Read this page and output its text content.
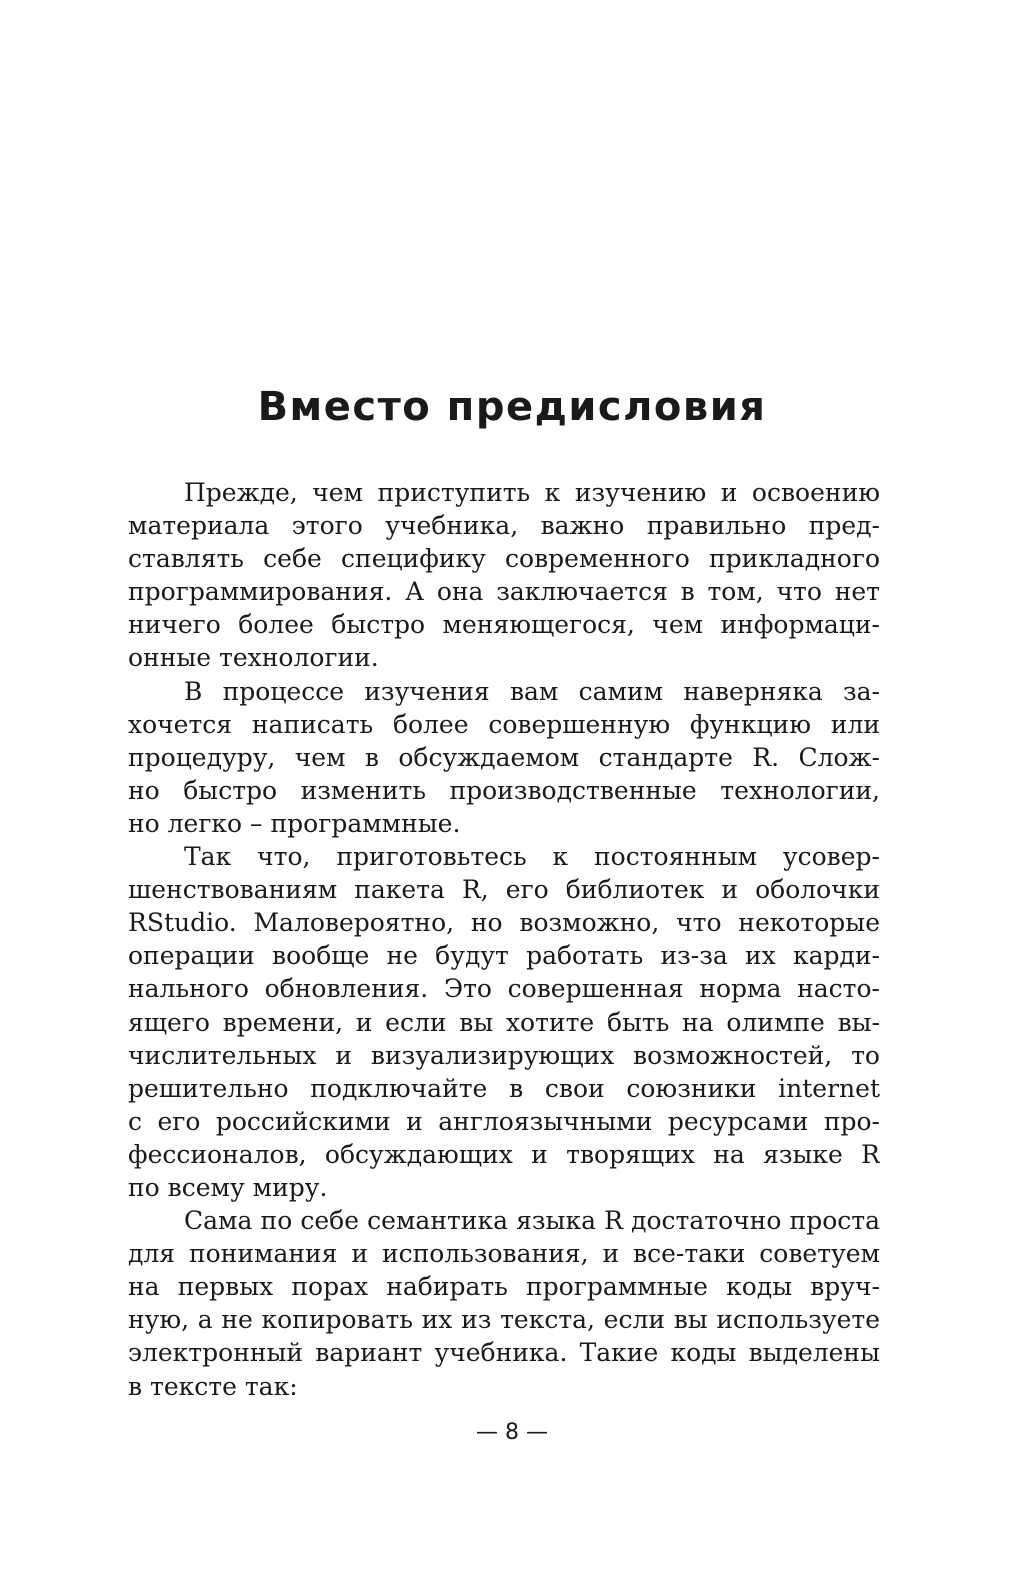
Вместо предисловия
Прежде, чем приступить к изучению и освоению
материала этого учебника, важно правильно пред-
ставлять себе специфику современного прикладного
программирования. А она заключается в том, что нет
ничего более быстро меняющегося, чем информаци-
онные технологии.
В процессе изучения вам самим наверняка за-
хочется написать более совершенную функцию или
процедуру, чем в обсуждаемом стандарте R. Слож-
но быстро изменить производственные технологии,
но легко – программные.
Так что, приготовьтесь к постоянным усовер-
шенствованиям пакета R, его библиотек и оболочки
RStudio. Маловероятно, но возможно, что некоторые
операции вообще не будут работать из-за их карди-
нального обновления. Это совершенная норма насто-
ящего времени, и если вы хотите быть на олимпе вы-
числительных и визуализирующих возможностей, то
решительно подключайте в свои союзники internet
с его российскими и англоязычными ресурсами про-
фессионалов, обсуждающих и творящих на языке R
по всему миру.
Сама по себе семантика языка R достаточно проста
для понимания и использования, и все-таки советуем
на первых порах набирать программные коды вруч-
ную, а не копировать их из текста, если вы используете
электронный вариант учебника. Такие коды выделены
в тексте так:
— 8 —
